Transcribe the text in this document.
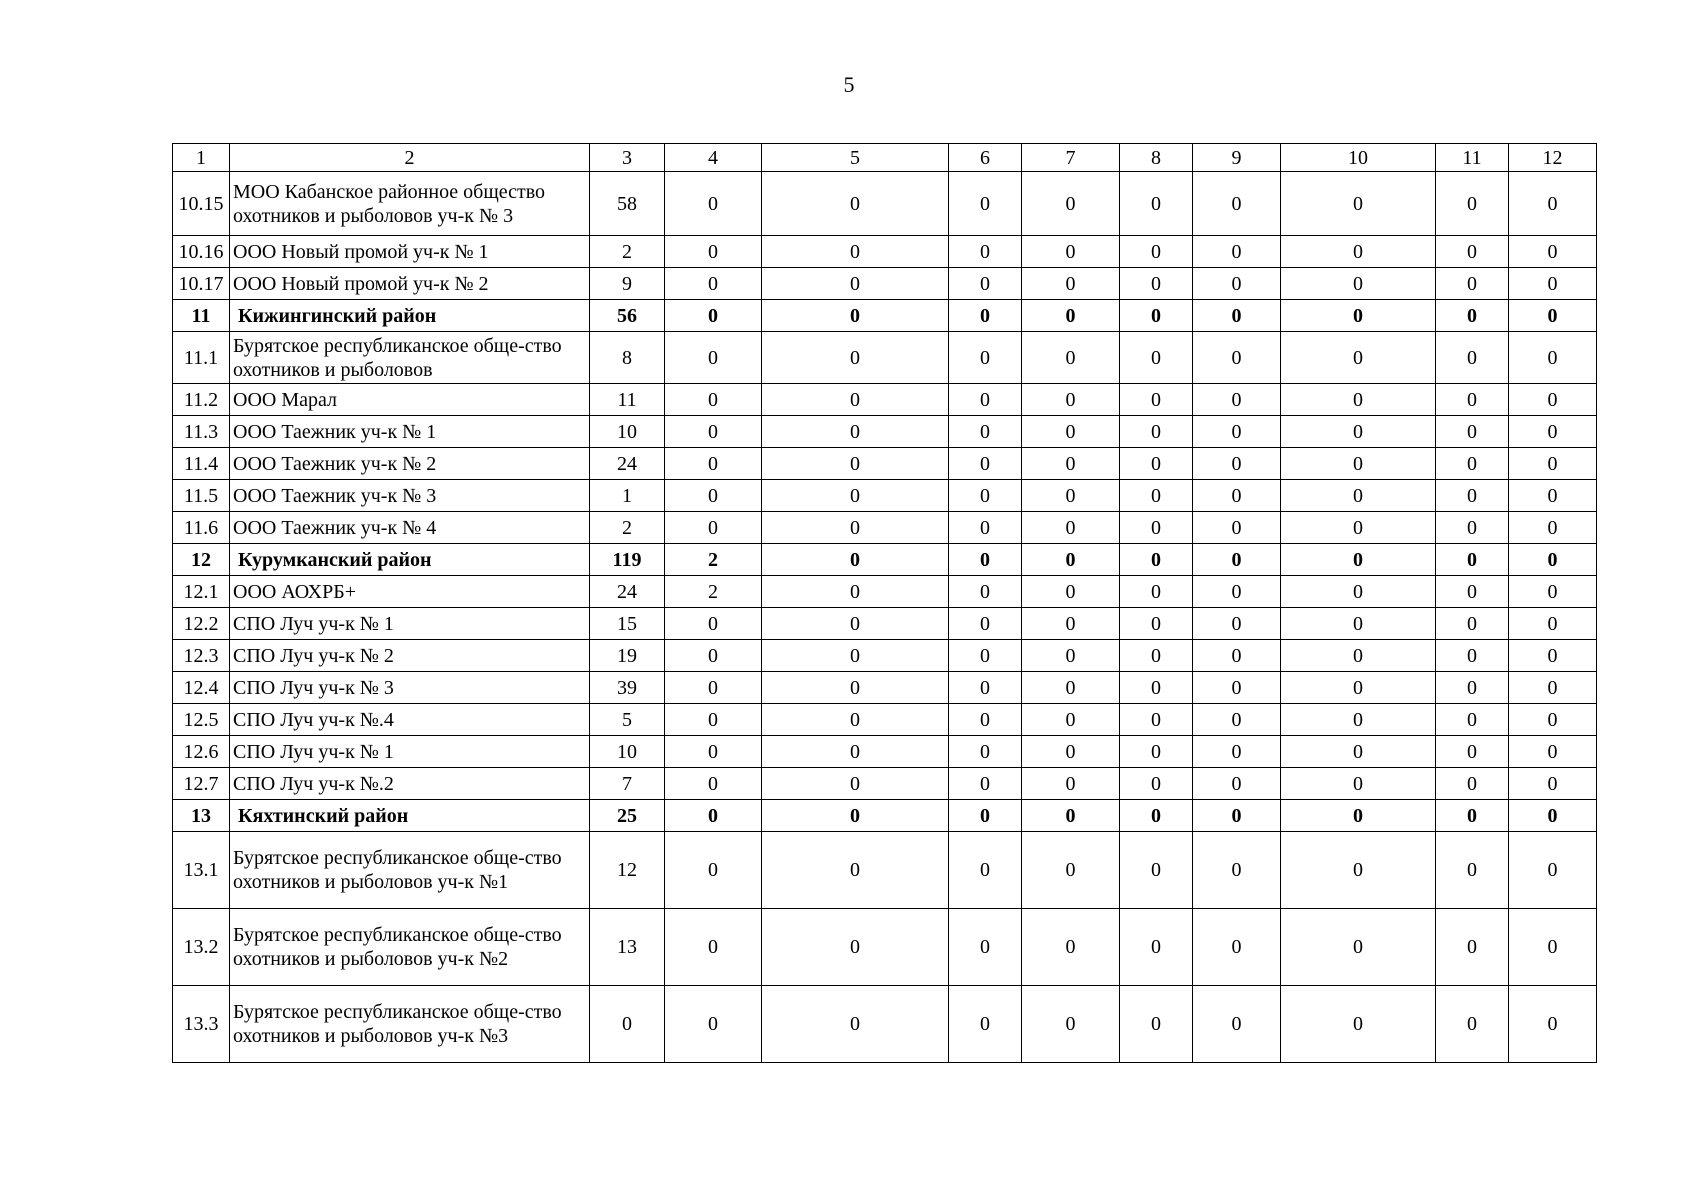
5
1	2	3	4	5	6	7	8	9	10	11	12
10.15	МОО Кабанское районное общество охотников и рыболовов уч-к № 3	58	0	0	0	0	0	0	0	0	0
10.16	ООО Новый промой уч-к № 1	2	0	0	0	0	0	0	0	0	0
10.17	ООО Новый промой уч-к № 2	9	0	0	0	0	0	0	0	0	0
11	Кижингинский район	56	0	0	0	0	0	0	0	0	0
11.1	Бурятское республиканское обще-ство охотников и рыболовов	8	0	0	0	0	0	0	0	0	0
11.2	ООО Марал	11	0	0	0	0	0	0	0	0	0
11.3	ООО Таежник уч-к № 1	10	0	0	0	0	0	0	0	0	0
11.4	ООО Таежник уч-к № 2	24	0	0	0	0	0	0	0	0	0
11.5	ООО Таежник уч-к № 3	1	0	0	0	0	0	0	0	0	0
11.6	ООО Таежник уч-к № 4	2	0	0	0	0	0	0	0	0	0
12	Курумканский район	119	2	0	0	0	0	0	0	0	0
12.1	ООО АОХРБ+	24	2	0	0	0	0	0	0	0	0
12.2	СПО Луч уч-к № 1	15	0	0	0	0	0	0	0	0	0
12.3	СПО Луч уч-к № 2	19	0	0	0	0	0	0	0	0	0
12.4	СПО Луч уч-к № 3	39	0	0	0	0	0	0	0	0	0
12.5	СПО Луч уч-к №.4	5	0	0	0	0	0	0	0	0	0
12.6	СПО Луч уч-к № 1	10	0	0	0	0	0	0	0	0	0
12.7	СПО Луч уч-к №.2	7	0	0	0	0	0	0	0	0	0
13	Кяхтинский район	25	0	0	0	0	0	0	0	0	0
13.1	Бурятское республиканское обще-ство охотников и рыболовов уч-к №1	12	0	0	0	0	0	0	0	0	0
13.2	Бурятское республиканское обще-ство охотников и рыболовов уч-к №2	13	0	0	0	0	0	0	0	0	0
13.3	Бурятское республиканское обще-ство охотников и рыболовов уч-к №3	0	0	0	0	0	0	0	0	0	0
